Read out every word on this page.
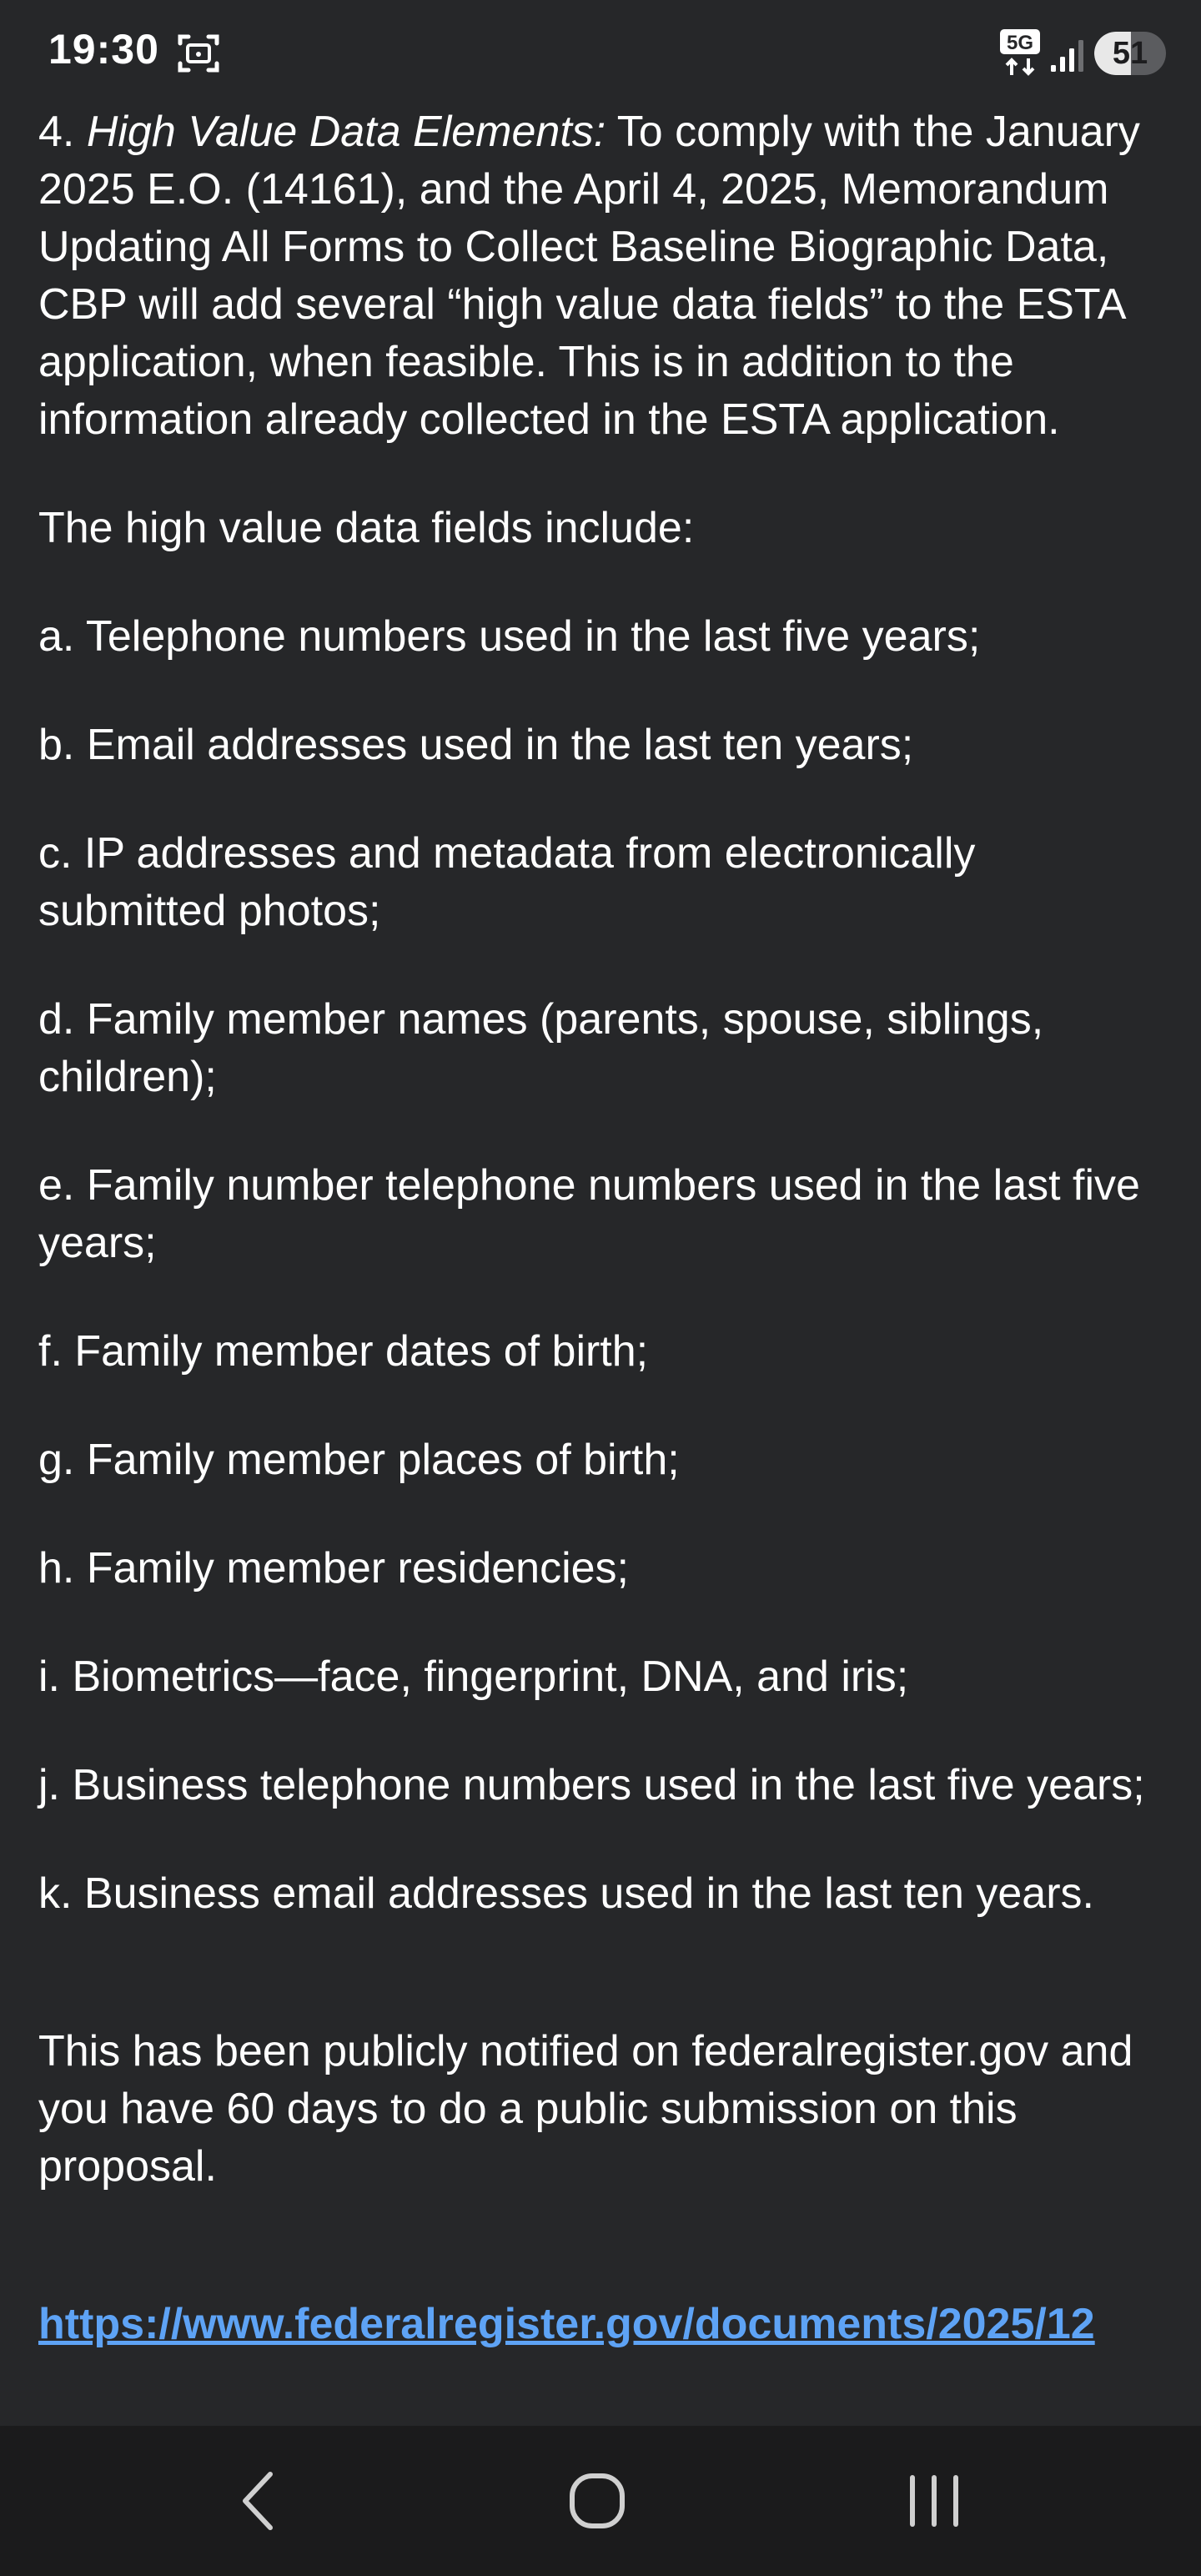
19:30	5G	51

4. High Value Data Elements: To comply with the January 2025 E.O. (14161), and the April 4, 2025, Memorandum Updating All Forms to Collect Baseline Biographic Data, CBP will add several “high value data fields” to the ESTA application, when feasible. This is in addition to the information already collected in the ESTA application.

The high value data fields include:

a. Telephone numbers used in the last five years;

b. Email addresses used in the last ten years;

c. IP addresses and metadata from electronically submitted photos;

d. Family member names (parents, spouse, siblings, children);

e. Family number telephone numbers used in the last five years;

f. Family member dates of birth;

g. Family member places of birth;

h. Family member residencies;

i. Biometrics—face, fingerprint, DNA, and iris;

j. Business telephone numbers used in the last five years;

k. Business email addresses used in the last ten years.

This has been publicly notified on federalregister.gov and you have 60 days to do a public submission on this proposal.

https://www.federalregister.gov/documents/2025/12
